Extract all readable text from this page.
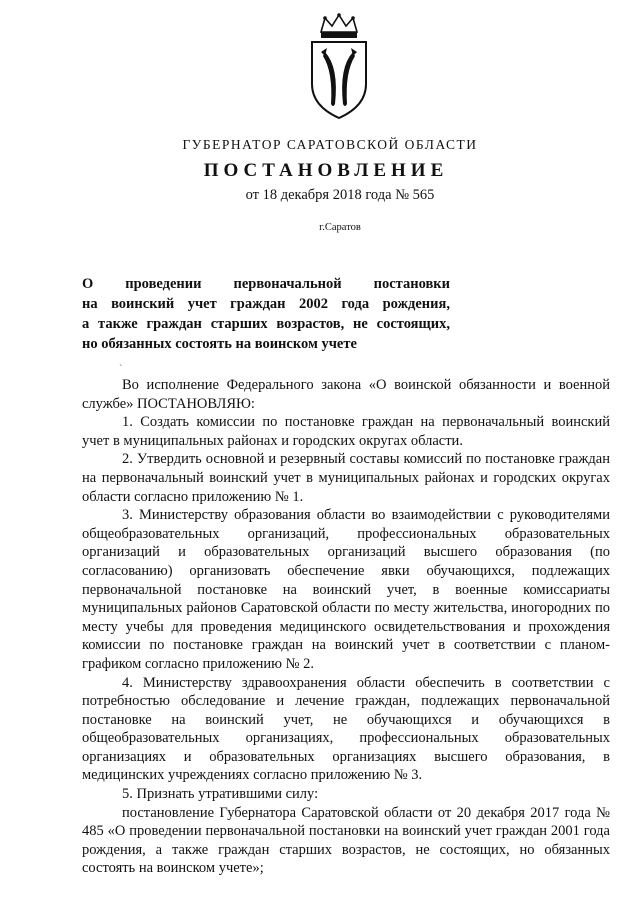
ГУБЕРНАТОР САРАТОВСКОЙ ОБЛАСТИ
ПОСТАНОВЛЕНИЕ
от 18 декабря 2018 года № 565
г.Саратов
О проведении первоначальной постановки
на воинский учет граждан 2002 года рождения,
а также граждан старших возрастов, не состоящих,
но обязанных состоять на воинском учете
`

Во исполнение Федерального закона «О воинской обязанности и военной службе» ПОСТАНОВЛЯЮ:

1. Создать комиссии по постановке граждан на первоначальный воинский учет в муниципальных районах и городских округах области.

2. Утвердить основной и резервный составы комиссий по постановке граждан на первоначальный воинский учет в муниципальных районах и городских округах области согласно приложению № 1.

3. Министерству образования области во взаимодействии с руководителями общеобразовательных организаций, профессиональных образовательных организаций и образовательных организаций высшего образования (по согласованию) организовать обеспечение явки обучающихся, подлежащих первоначальной постановке на воинский учет, в военные комиссариаты муниципальных районов Саратовской области по месту жительства, иногородних по месту учебы для проведения медицинского освидетельствования и прохождения комиссии по постановке граждан на воинский учет в соответствии с планом-графиком согласно приложению № 2.

4. Министерству здравоохранения области обеспечить в соответствии с потребностью обследование и лечение граждан, подлежащих первоначальной постановке на воинский учет, не обучающихся и обучающихся в общеобразовательных организациях, профессиональных образовательных организациях и образовательных организациях высшего образования, в медицинских учреждениях согласно приложению № 3.

5. Признать утратившими силу:

постановление Губернатора Саратовской области от 20 декабря 2017 года № 485 «О проведении первоначальной постановки на воинский учет граждан 2001 года рождения, а также граждан старших возрастов, не состоящих, но обязанных состоять на воинском учете»;
